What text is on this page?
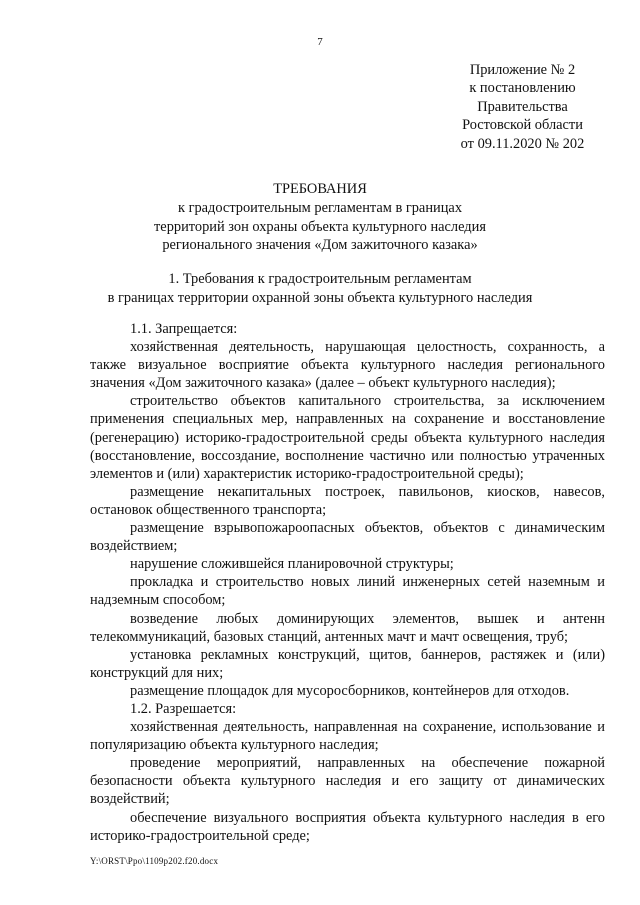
7
Приложение № 2
к постановлению
Правительства
Ростовской области
от 09.11.2020 № 202
ТРЕБОВАНИЯ
к градостроительным регламентам в границах
территорий зон охраны объекта культурного наследия
регионального значения «Дом зажиточного казака»
1. Требования к градостроительным регламентам
в границах территории охранной зоны объекта культурного наследия

1.1. Запрещается:

хозяйственная деятельность, нарушающая целостность, сохранность, а также визуальное восприятие объекта культурного наследия регионального значения «Дом зажиточного казака» (далее – объект культурного наследия);

строительство объектов капитального строительства, за исключением применения специальных мер, направленных на сохранение и восстановление (регенерацию) историко-градостроительной среды объекта культурного наследия (восстановление, воссоздание, восполнение частично или полностью утраченных элементов и (или) характеристик историко-градостроительной среды);

размещение некапитальных построек, павильонов, киосков, навесов, остановок общественного транспорта;

размещение взрывопожароопасных объектов, объектов с динамическим воздействием;

нарушение сложившейся планировочной структуры;

прокладка и строительство новых линий инженерных сетей наземным и надземным способом;

возведение любых доминирующих элементов, вышек и антенн телекоммуникаций, базовых станций, антенных мачт и мачт освещения, труб;

установка рекламных конструкций, щитов, баннеров, растяжек и (или) конструкций для них;

размещение площадок для мусоросборников, контейнеров для отходов.

1.2. Разрешается:

хозяйственная деятельность, направленная на сохранение, использование и популяризацию объекта культурного наследия;

проведение мероприятий, направленных на обеспечение пожарной безопасности объекта культурного наследия и его защиту от динамических воздействий;

обеспечение визуального восприятия объекта культурного наследия в его историко-градостроительной среде;

Y:\ORST\Ppo\1109p202.f20.docx
